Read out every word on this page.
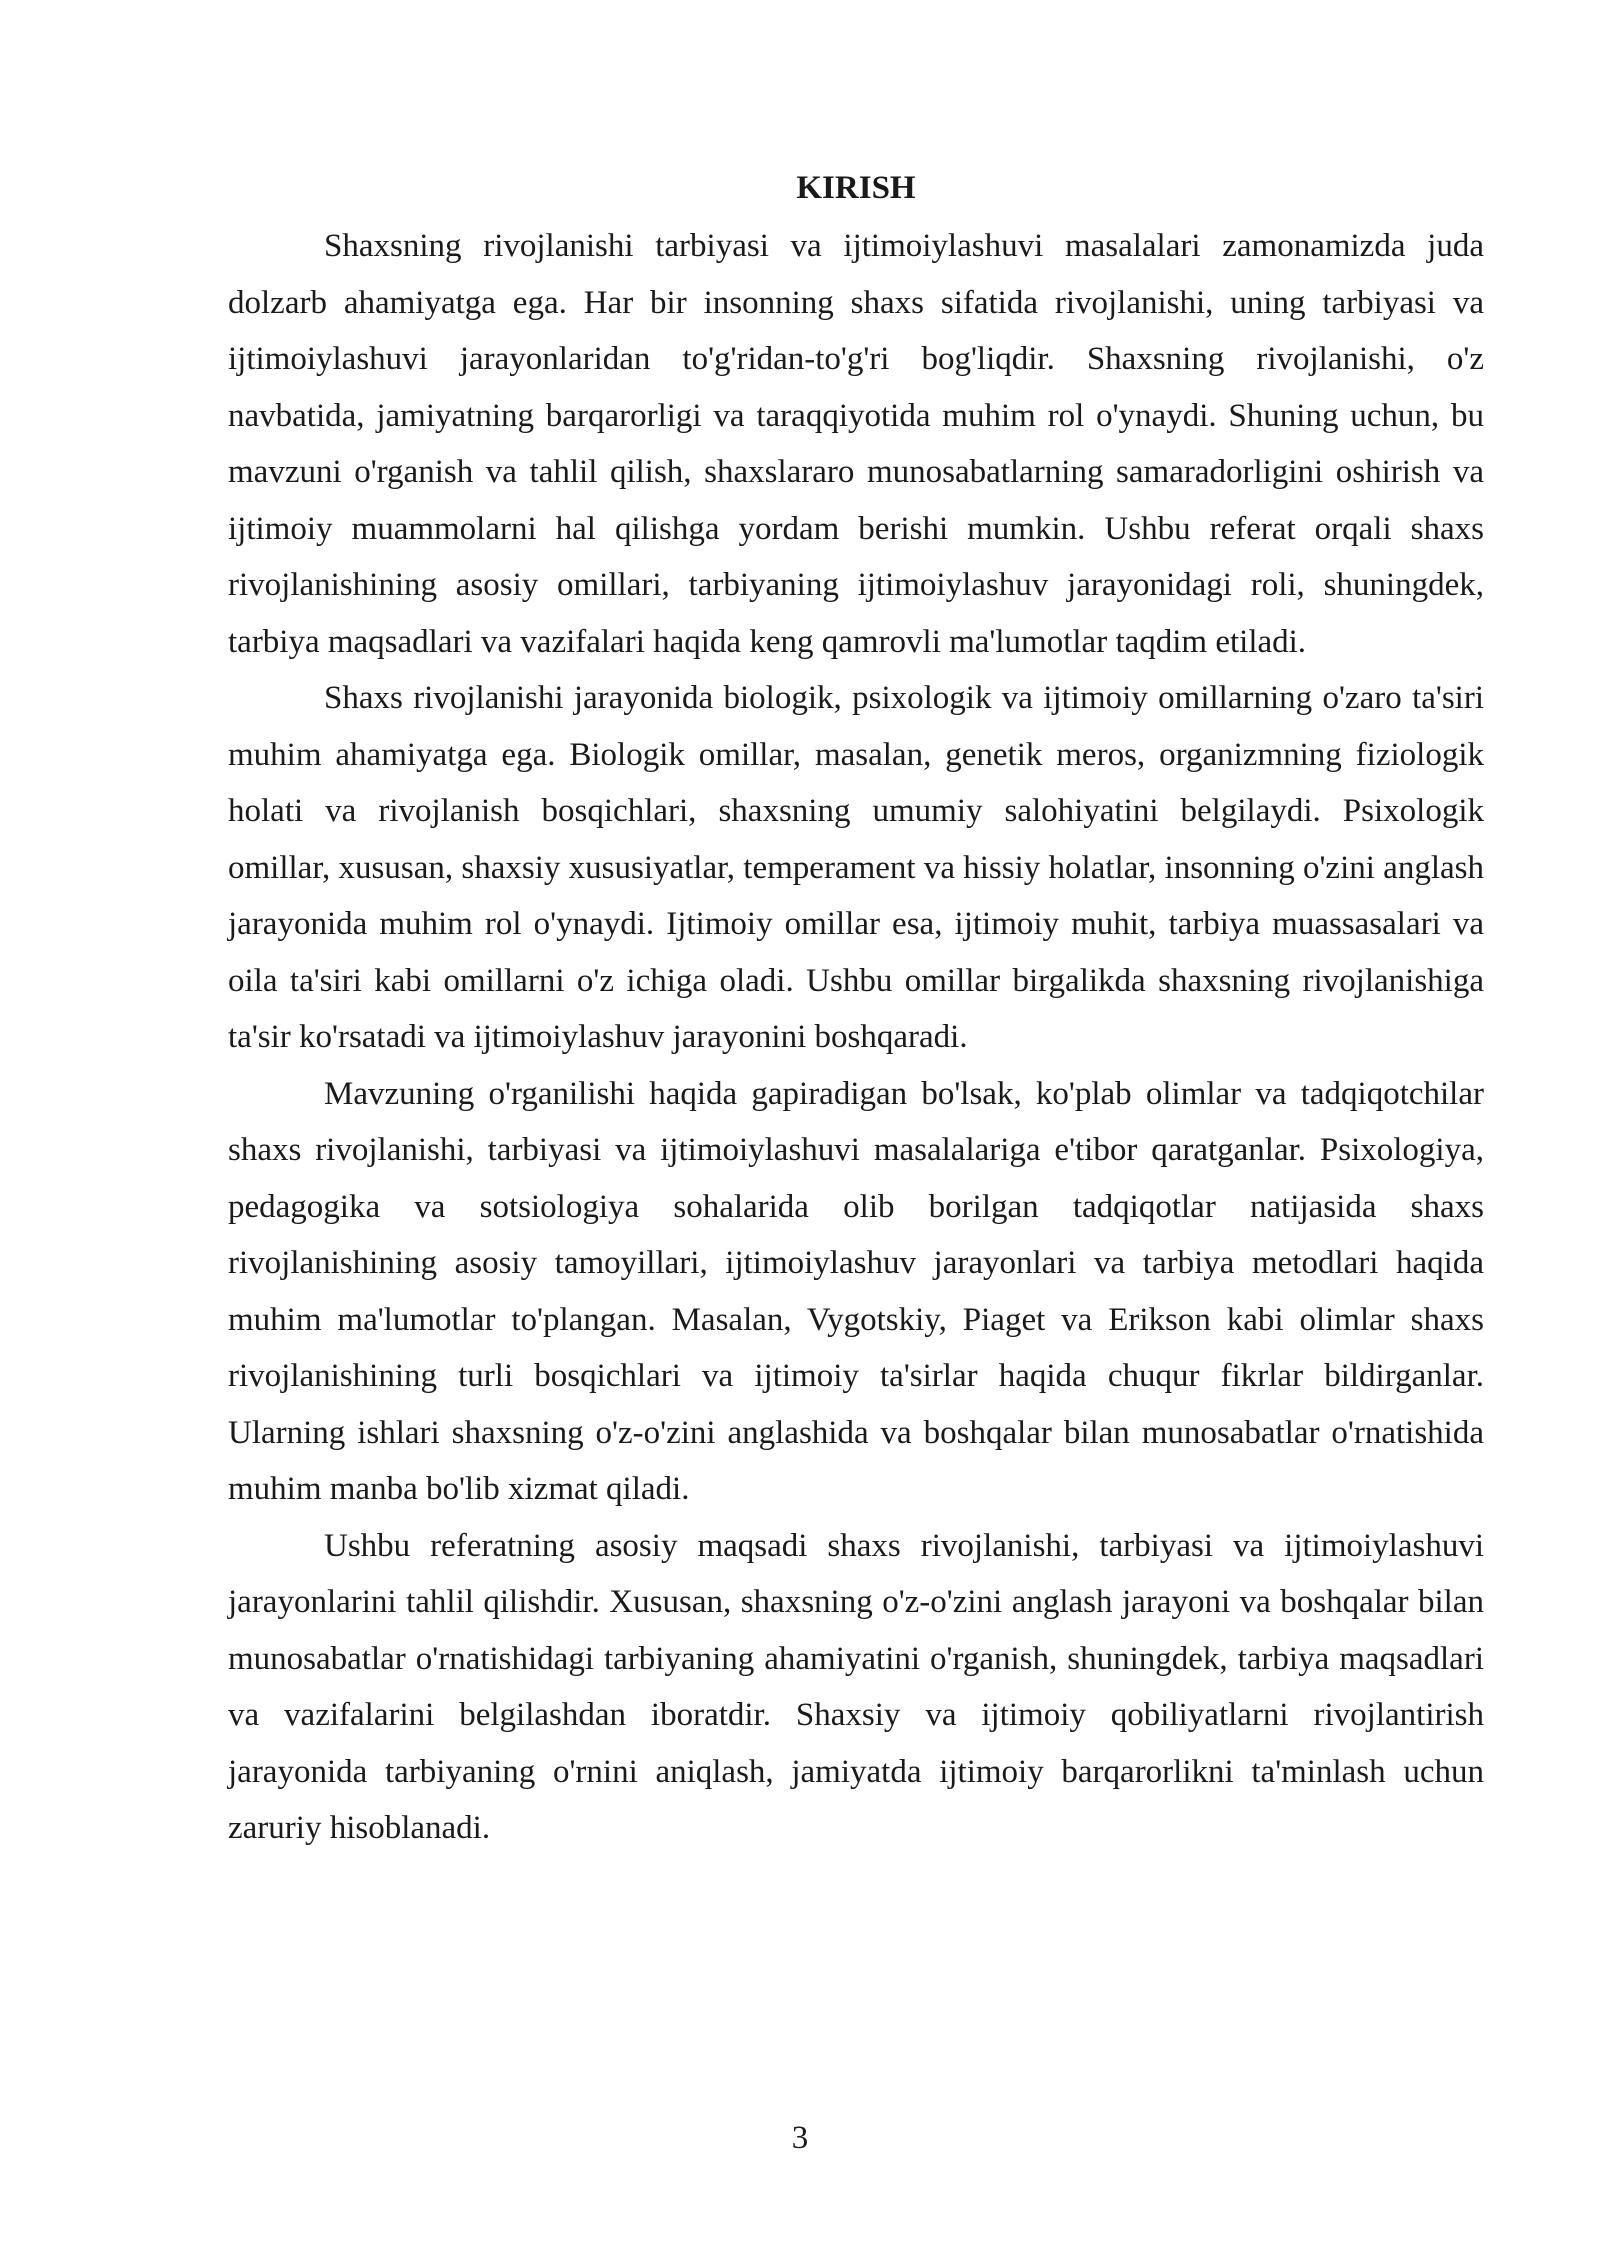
KIRISH

Shaxsning rivojlanishi tarbiyasi va ijtimoiylashuvi masalalari zamonamizda juda dolzarb ahamiyatga ega. Har bir insonning shaxs sifatida rivojlanishi, uning tarbiyasi va ijtimoiylashuvi jarayonlaridan to'g'ridan-to'g'ri bog'liqdir. Shaxsning rivojlanishi, o'z navbatida, jamiyatning barqarorligi va taraqqiyotida muhim rol o'ynaydi. Shuning uchun, bu mavzuni o'rganish va tahlil qilish, shaxslararo munosabatlarning samaradorligini oshirish va ijtimoiy muammolarni hal qilishga yordam berishi mumkin. Ushbu referat orqali shaxs rivojlanishining asosiy omillari, tarbiyaning ijtimoiylashuv jarayonidagi roli, shuningdek, tarbiya maqsadlari va vazifalari haqida keng qamrovli ma'lumotlar taqdim etiladi.

Shaxs rivojlanishi jarayonida biologik, psixologik va ijtimoiy omillarning o'zaro ta'siri muhim ahamiyatga ega. Biologik omillar, masalan, genetik meros, organizmning fiziologik holati va rivojlanish bosqichlari, shaxsning umumiy salohiyatini belgilaydi. Psixologik omillar, xususan, shaxsiy xususiyatlar, temperament va hissiy holatlar, insonning o'zini anglash jarayonida muhim rol o'ynaydi. Ijtimoiy omillar esa, ijtimoiy muhit, tarbiya muassasalari va oila ta'siri kabi omillarni o'z ichiga oladi. Ushbu omillar birgalikda shaxsning rivojlanishiga ta'sir ko'rsatadi va ijtimoiylashuv jarayonini boshqaradi.

Mavzuning o'rganilishi haqida gapiradigan bo'lsak, ko'plab olimlar va tadqiqotchilar shaxs rivojlanishi, tarbiyasi va ijtimoiylashuvi masalalariga e'tibor qaratganlar. Psixologiya, pedagogika va sotsiologiya sohalarida olib borilgan tadqiqotlar natijasida shaxs rivojlanishining asosiy tamoyillari, ijtimoiylashuv jarayonlari va tarbiya metodlari haqida muhim ma'lumotlar to'plangan. Masalan, Vygotskiy, Piaget va Erikson kabi olimlar shaxs rivojlanishining turli bosqichlari va ijtimoiy ta'sirlar haqida chuqur fikrlar bildirganlar. Ularning ishlari shaxsning o'z-o'zini anglashida va boshqalar bilan munosabatlar o'rnatishida muhim manba bo'lib xizmat qiladi.

Ushbu referatning asosiy maqsadi shaxs rivojlanishi, tarbiyasi va ijtimoiylashuvi jarayonlarini tahlil qilishdir. Xususan, shaxsning o'z-o'zini anglash jarayoni va boshqalar bilan munosabatlar o'rnatishidagi tarbiyaning ahamiyatini o'rganish, shuningdek, tarbiya maqsadlari va vazifalarini belgilashdan iboratdir. Shaxsiy va ijtimoiy qobiliyatlarni rivojlantirish jarayonida tarbiyaning o'rnini aniqlash, jamiyatda ijtimoiy barqarorlikni ta'minlash uchun zaruriy hisoblanadi.

3
